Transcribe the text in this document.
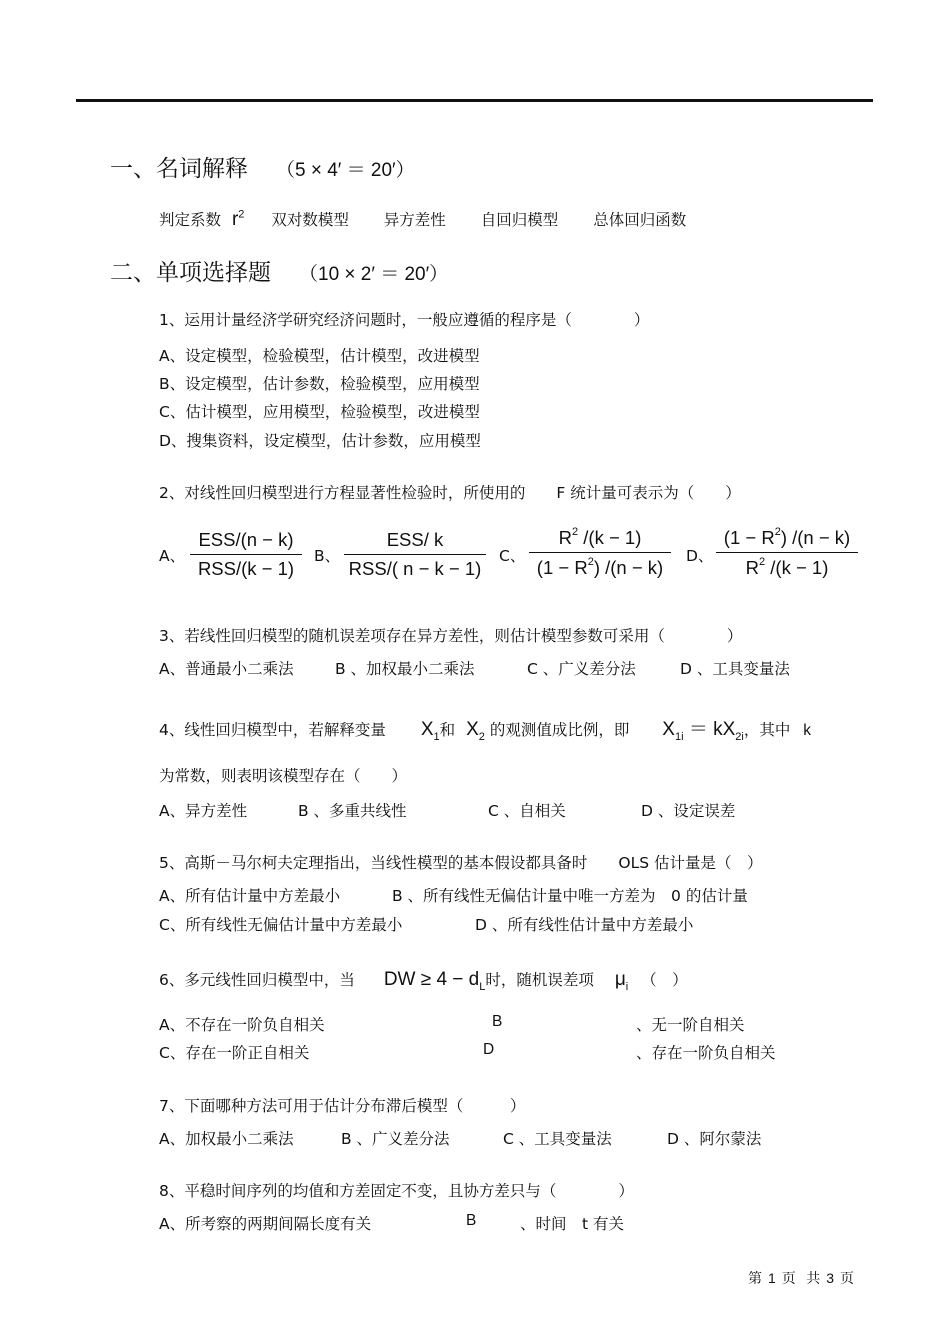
一、名词解释 （5 × 4′ ＝ 20′）
判定系数 $r^2$ 双对数模型 异方差性 自回归模型 总体回归函数
二、单项选择题 （10 × 2′ ＝ 20′）
1、运用计量经济学研究经济问题时，一般应遵循的程序是（　　　　）
A、设定模型，检验模型，估计模型，改进模型
B、设定模型，估计参数，检验模型，应用模型
C、估计模型，应用模型，检验模型，改进模型
D、搜集资料，设定模型，估计参数，应用模型
2、对线性回归模型进行方程显著性检验时，所使用的　　F 统计量可表示为（　　）
A、
ESS/(n − k)
RSS/(k − 1)
B、
ESS/ k
RSS/( n − k − 1)
C、 $\frac{R^2 /(k - 1)}{(1 - R^2) /(n - k)}$ D、 $\frac{(1 - R^2) /(n - k)}{R^2 /(k - 1)}$
3、若线性回归模型的随机误差项存在异方差性，则估计模型参数可采用（　　　　）
A、普通最小二乘法	B 、加权最小二乘法	C 、广义差分法	D 、工具变量法
4、线性回归模型中，若解释变量 $X_1$和 $X_2$ 的观测值成比例，即 $X_{1i} = kX_{2i}$，其中 k
为常数，则表明该模型存在（　　）
A、异方差性	B 、多重共线性	C 、自相关	D 、设定误差
5、高斯－马尔柯夫定理指出，当线性模型的基本假设都具备时　　OLS 估计量是（　）
A、所有估计量中方差最小	B 、所有线性无偏估计量中唯一方差为　0 的估计量
C、所有线性无偏估计量中方差最小	D 、所有线性估计量中方差最小
6、多元线性回归模型中，当 DW ≥ $4 - d_L$时，随机误差项 $\mu_i$ （　）
A、不存在一阶负自相关	B	、无一阶自相关
C、存在一阶正自相关	D	、存在一阶负自相关
7、下面哪种方法可用于估计分布滞后模型（　　　）
A、加权最小二乘法	B 、广义差分法	C 、工具变量法	D 、阿尔蒙法
8、平稳时间序列的均值和方差固定不变，且协方差只与（　　　　）
A、所考察的两期间隔长度有关	B	、时间　t 有关
第 1 页 共 3 页
